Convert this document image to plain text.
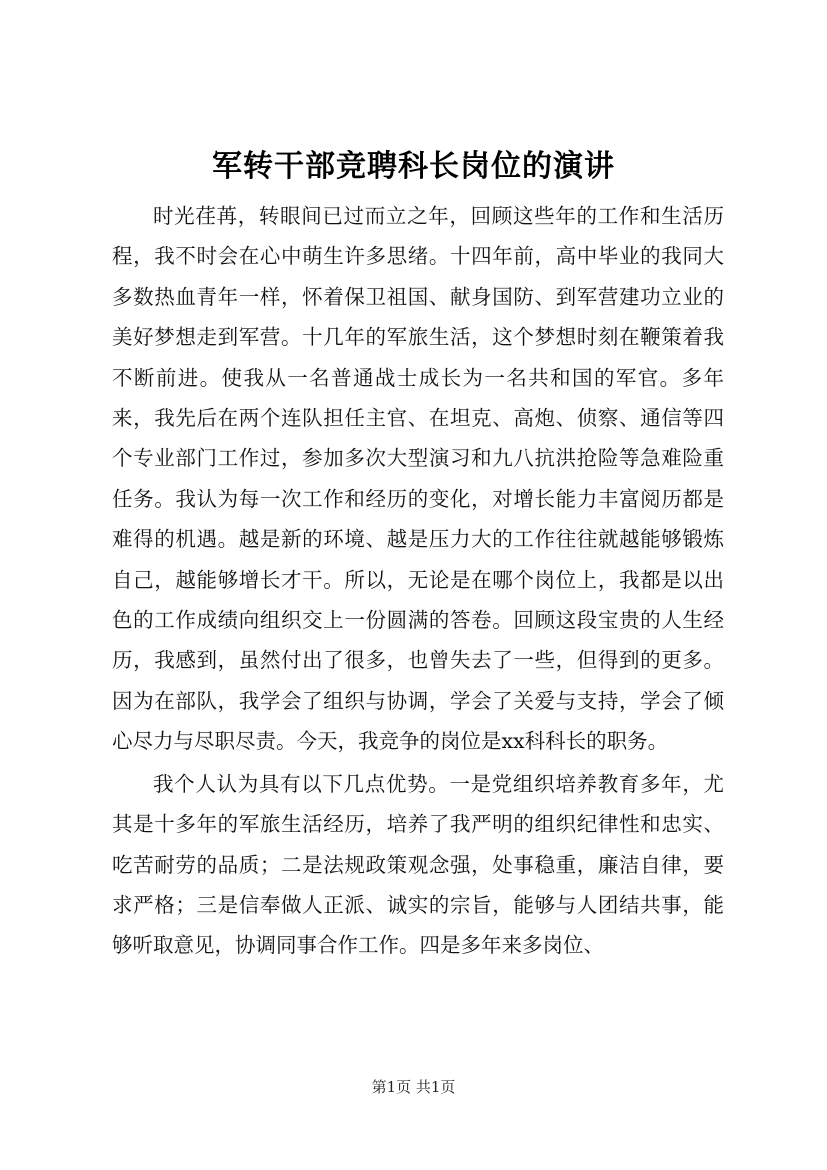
军转干部竞聘科长岗位的演讲

时光荏苒，转眼间已过而立之年，回顾这些年的工作和生活历程，我不时会在心中萌生许多思绪。十四年前，高中毕业的我同大多数热血青年一样，怀着保卫祖国、献身国防、到军营建功立业的美好梦想走到军营。十几年的军旅生活，这个梦想时刻在鞭策着我不断前进。使我从一名普通战士成长为一名共和国的军官。多年来，我先后在两个连队担任主官、在坦克、高炮、侦察、通信等四个专业部门工作过，参加多次大型演习和九八抗洪抢险等急难险重任务。我认为每一次工作和经历的变化，对增长能力丰富阅历都是难得的机遇。越是新的环境、越是压力大的工作往往就越能够锻炼自己，越能够增长才干。所以，无论是在哪个岗位上，我都是以出色的工作成绩向组织交上一份圆满的答卷。回顾这段宝贵的人生经历，我感到，虽然付出了很多，也曾失去了一些，但得到的更多。因为在部队，我学会了组织与协调，学会了关爱与支持，学会了倾心尽力与尽职尽责。今天，我竞争的岗位是xx科科长的职务。

我个人认为具有以下几点优势。一是党组织培养教育多年，尤其是十多年的军旅生活经历，培养了我严明的组织纪律性和忠实、吃苦耐劳的品质；二是法规政策观念强，处事稳重，廉洁自律，要求严格；三是信奉做人正派、诚实的宗旨，能够与人团结共事，能够听取意见，协调同事合作工作。四是多年来多岗位、

第1页 共1页
